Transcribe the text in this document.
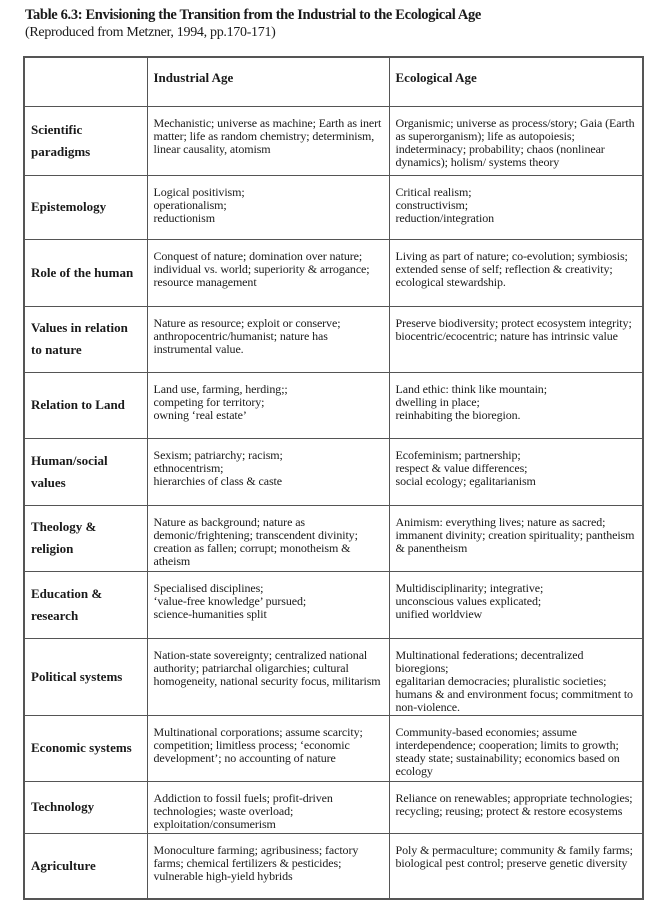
Table 6.3: Envisioning the Transition from the Industrial to the Ecological Age
(Reproduced from Metzner, 1994, pp.170-171)
	Industrial Age	Ecological Age

Scientific
paradigms	Mechanistic; universe as machine; Earth as inert
matter; life as random chemistry; determinism,
linear causality, atomism	Organismic; universe as process/story; Gaia (Earth
as superorganism); life as autopoiesis;
indeterminacy; probability; chaos (nonlinear
dynamics); holism/ systems theory

Epistemology	Logical positivism;
operationalism;
reductionism	Critical realism;
constructivism;
reduction/integration

Role of the human	Conquest of nature; domination over nature;
individual vs. world; superiority & arrogance;
resource management	Living as part of nature; co-evolution; symbiosis;
extended sense of self; reflection & creativity;
ecological stewardship.

Values in relation
to nature	Nature as resource; exploit or conserve;
anthropocentric/humanist; nature has
instrumental value.	Preserve biodiversity; protect ecosystem integrity;
biocentric/ecocentric; nature has intrinsic value

Relation to Land	Land use, farming, herding;;
competing for territory;
owning ‘real estate’	Land ethic: think like mountain;
dwelling in place;
reinhabiting the bioregion.

Human/social
values	Sexism; patriarchy; racism;
ethnocentrism;
hierarchies of class & caste	Ecofeminism; partnership;
respect & value differences;
social ecology; egalitarianism

Theology &
religion	Nature as background; nature as
demonic/frightening; transcendent divinity;
creation as fallen; corrupt; monotheism &
atheism	Animism: everything lives; nature as sacred;
immanent divinity; creation spirituality; pantheism
& panentheism

Education &
research	Specialised disciplines;
‘value-free knowledge’ pursued;
science-humanities split	Multidisciplinarity; integrative;
unconscious values explicated;
unified worldview

Political systems	Nation-state sovereignty; centralized national
authority; patriarchal oligarchies; cultural
homogeneity, national security focus, militarism	Multinational federations; decentralized bioregions;
egalitarian democracies; pluralistic societies;
humans & and environment focus; commitment to
non-violence.

Economic systems	Multinational corporations; assume scarcity;
competition; limitless process; ‘economic
development’; no accounting of nature	Community-based economies; assume
interdependence; cooperation; limits to growth;
steady state; sustainability; economics based on
ecology

Technology	Addiction to fossil fuels; profit-driven
technologies; waste overload;
exploitation/consumerism	Reliance on renewables; appropriate technologies;
recycling; reusing; protect & restore ecosystems

Agriculture	Monoculture farming; agribusiness; factory
farms; chemical fertilizers & pesticides;
vulnerable high-yield hybrids	Poly & permaculture; community & family farms;
biological pest control; preserve genetic diversity
